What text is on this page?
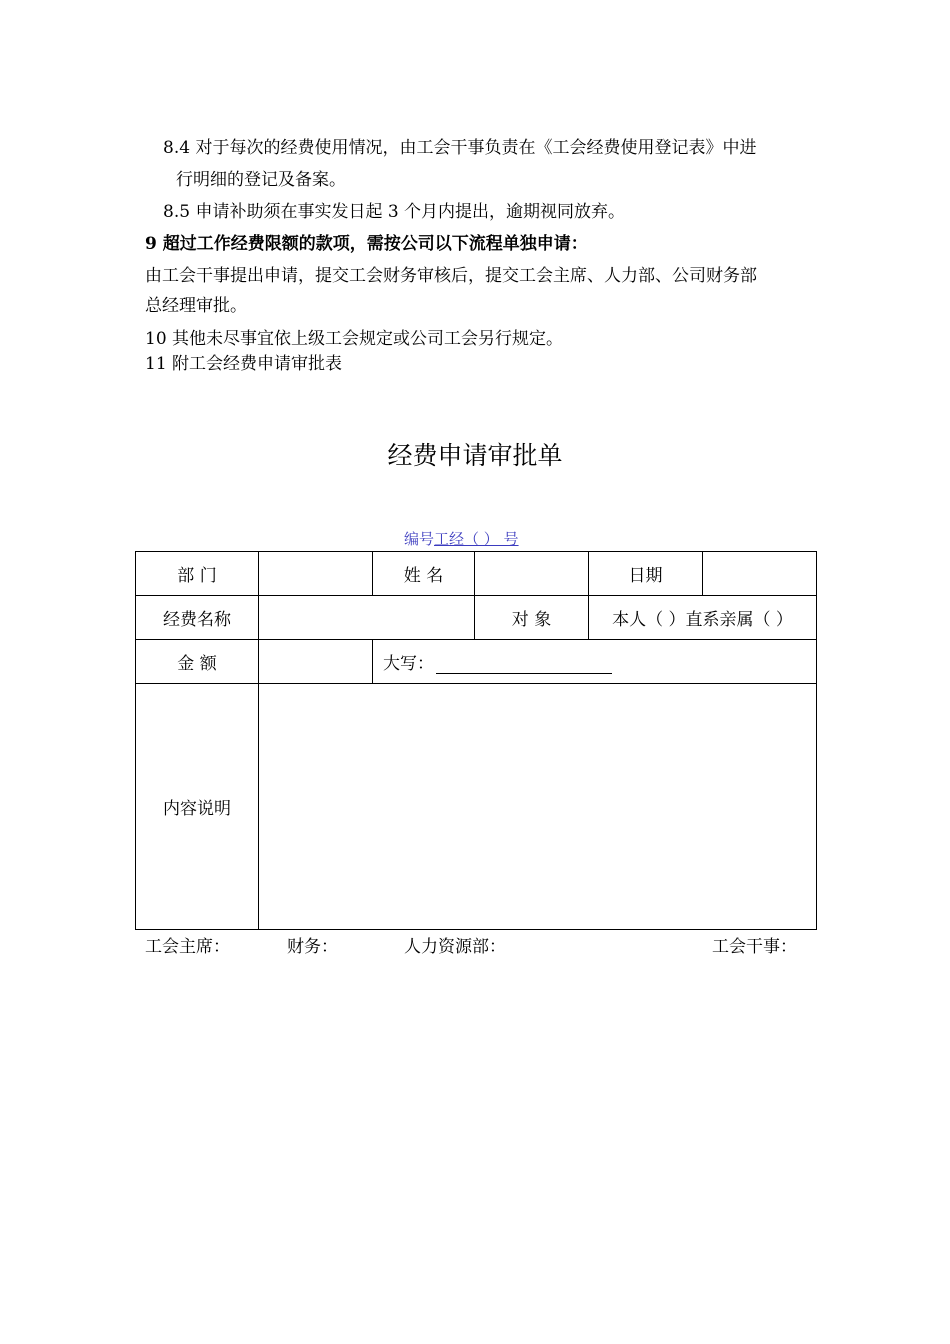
8.4 对于每次的经费使用情况，由工会干事负责在《工会经费使用登记表》中进
行明细的登记及备案。
8.5 申请补助须在事实发日起 3 个月内提出，逾期视同放弃。
9 超过工作经费限额的款项，需按公司以下流程单独申请：
由工会干事提出申请，提交工会财务审核后，提交工会主席、人力部、公司财务部
总经理审批。
10 其他未尽事宜依上级工会规定或公司工会另行规定。
11 附工会经费申请审批表
经费申请审批单
编号工经（ ） 号
部 门		姓 名		日期	
经费名称			对 象	本人（ ）直系亲属（ ）	
金 额		大写：			
内容说明					
工会主席：	财务：	人力资源部：	工会干事：
